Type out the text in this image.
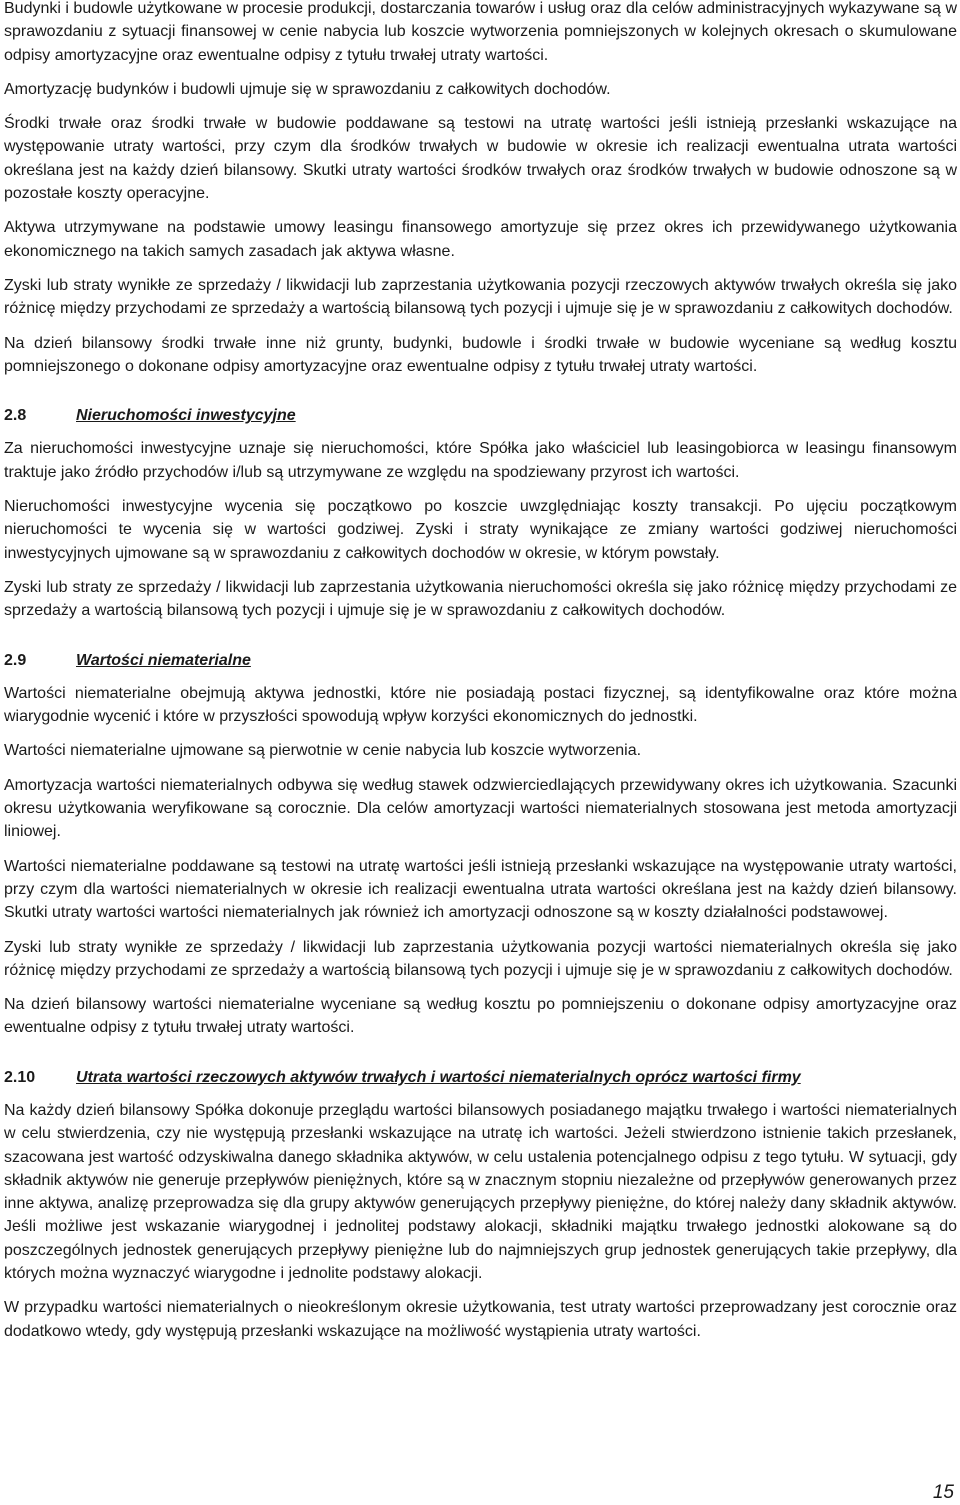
Budynki i budowle użytkowane w procesie produkcji, dostarczania towarów i usług oraz dla celów administracyjnych wykazywane są w sprawozdaniu z sytuacji finansowej w cenie nabycia lub koszcie wytworzenia pomniejszonych w kolejnych okresach o skumulowane odpisy amortyzacyjne oraz ewentualne odpisy z tytułu trwałej utraty wartości.

Amortyzację budynków i budowli ujmuje się w sprawozdaniu z całkowitych dochodów.

Środki trwałe oraz środki trwałe w budowie poddawane są testowi na utratę wartości jeśli istnieją przesłanki wskazujące na występowanie utraty wartości, przy czym dla środków trwałych w budowie w okresie ich realizacji ewentualna utrata wartości określana jest na każdy dzień bilansowy. Skutki utraty wartości środków trwałych oraz środków trwałych w budowie odnoszone są w pozostałe koszty operacyjne.

Aktywa utrzymywane na podstawie umowy leasingu finansowego amortyzuje się przez okres ich przewidywanego użytkowania ekonomicznego na takich samych zasadach jak aktywa własne.

Zyski lub straty wynikłe ze sprzedaży / likwidacji lub zaprzestania użytkowania pozycji rzeczowych aktywów trwałych określa się jako różnicę między przychodami ze sprzedaży a wartością bilansową tych pozycji i ujmuje się je w sprawozdaniu z całkowitych dochodów.

Na dzień bilansowy środki trwałe inne niż grunty, budynki, budowle i środki trwałe w budowie wyceniane są według kosztu pomniejszonego o dokonane odpisy amortyzacyjne oraz ewentualne odpisy z tytułu trwałej utraty wartości.

2.8	Nieruchomości inwestycyjne

Za nieruchomości inwestycyjne uznaje się nieruchomości, które Spółka jako właściciel lub leasingobiorca w leasingu finansowym traktuje jako źródło przychodów i/lub są utrzymywane ze względu na spodziewany przyrost ich wartości.

Nieruchomości inwestycyjne wycenia się początkowo po koszcie uwzględniając koszty transakcji. Po ujęciu początkowym nieruchomości te wycenia się w wartości godziwej. Zyski i straty wynikające ze zmiany wartości godziwej nieruchomości inwestycyjnych ujmowane są w sprawozdaniu z całkowitych dochodów w okresie, w którym powstały.

Zyski lub straty ze sprzedaży / likwidacji lub zaprzestania użytkowania nieruchomości określa się jako różnicę między przychodami ze sprzedaży a wartością bilansową tych pozycji i ujmuje się je w sprawozdaniu z całkowitych dochodów.

2.9	Wartości niematerialne

Wartości niematerialne obejmują aktywa jednostki, które nie posiadają postaci fizycznej, są identyfikowalne oraz które można wiarygodnie wycenić i które w przyszłości spowodują wpływ korzyści ekonomicznych do jednostki.

Wartości niematerialne ujmowane są pierwotnie w cenie nabycia lub koszcie wytworzenia.

Amortyzacja wartości niematerialnych odbywa się według stawek odzwierciedlających przewidywany okres ich użytkowania. Szacunki okresu użytkowania weryfikowane są corocznie. Dla celów amortyzacji wartości niematerialnych stosowana jest metoda amortyzacji liniowej.

Wartości niematerialne poddawane są testowi na utratę wartości jeśli istnieją przesłanki wskazujące na występowanie utraty wartości, przy czym dla wartości niematerialnych w okresie ich realizacji ewentualna utrata wartości określana jest na każdy dzień bilansowy. Skutki utraty wartości wartości niematerialnych jak również ich amortyzacji odnoszone są w koszty działalności podstawowej.

Zyski lub straty wynikłe ze sprzedaży / likwidacji lub zaprzestania użytkowania pozycji wartości niematerialnych określa się jako różnicę między przychodami ze sprzedaży a wartością bilansową tych pozycji i ujmuje się je w sprawozdaniu z całkowitych dochodów.

Na dzień bilansowy wartości niematerialne wyceniane są według kosztu po pomniejszeniu o dokonane odpisy amortyzacyjne oraz ewentualne odpisy z tytułu trwałej utraty wartości.

2.10	Utrata wartości rzeczowych aktywów trwałych i wartości niematerialnych oprócz wartości firmy

Na każdy dzień bilansowy Spółka dokonuje przeglądu wartości bilansowych posiadanego majątku trwałego i wartości niematerialnych w celu stwierdzenia, czy nie występują przesłanki wskazujące na utratę ich wartości. Jeżeli stwierdzono istnienie takich przesłanek, szacowana jest wartość odzyskiwalna danego składnika aktywów, w celu ustalenia potencjalnego odpisu z tego tytułu. W sytuacji, gdy składnik aktywów nie generuje przepływów pieniężnych, które są w znacznym stopniu niezależne od przepływów generowanych przez inne aktywa, analizę przeprowadza się dla grupy aktywów generujących przepływy pieniężne, do której należy dany składnik aktywów. Jeśli możliwe jest wskazanie wiarygodnej i jednolitej podstawy alokacji, składniki majątku trwałego jednostki alokowane są do poszczególnych jednostek generujących przepływy pieniężne lub do najmniejszych grup jednostek generujących takie przepływy, dla których można wyznaczyć wiarygodne i jednolite podstawy alokacji.

W przypadku wartości niematerialnych o nieokreślonym okresie użytkowania, test utraty wartości przeprowadzany jest corocznie oraz dodatkowo wtedy, gdy występują przesłanki wskazujące na możliwość wystąpienia utraty wartości.

15
